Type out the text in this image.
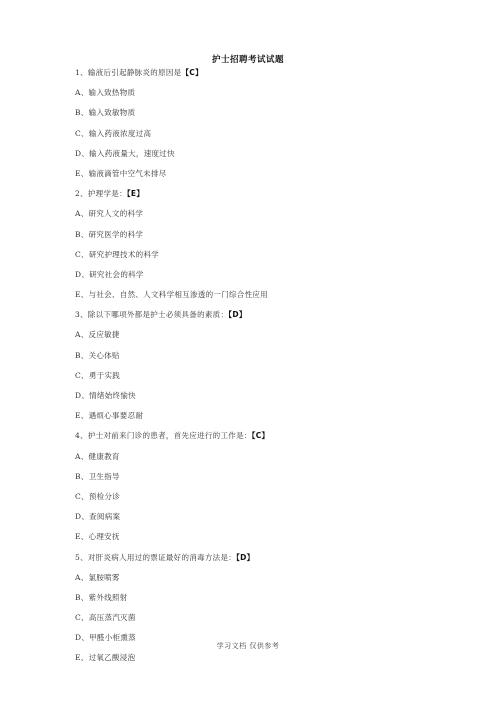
护士招聘考试试题
1、输液后引起静脉炎的原因是【C】
A、输入致热物质
B、输入致敏物质
C、输入药液浓度过高
D、输入药液量大，速度过快
E、输液滴管中空气未排尽
2、护理学是：【E】
A、研究人文的科学
B、研究医学的科学
C、研究护理技术的科学
D、研究社会的科学
E、与社会、自然、人文科学相互渗透的一门综合性应用
3、除以下哪项外都是护士必须具备的素质：【D】
A、反应敏捷
B、关心体贴
C、勇于实践
D、情绪始终愉快
E、遇烦心事要忍耐
4、护士对前来门诊的患者，首先应进行的工作是：【C】
A、健康教育
B、卫生指导
C、预检分诊
D、查阅病案
E、心理安抚
5、对肝炎病人用过的票证最好的消毒方法是：【D】
A、氯胺喷雾
B、紫外线照射
C、高压蒸汽灭菌
D、甲醛小柜熏蒸
E、过氧乙酸浸泡
学习文档 仅供参考
